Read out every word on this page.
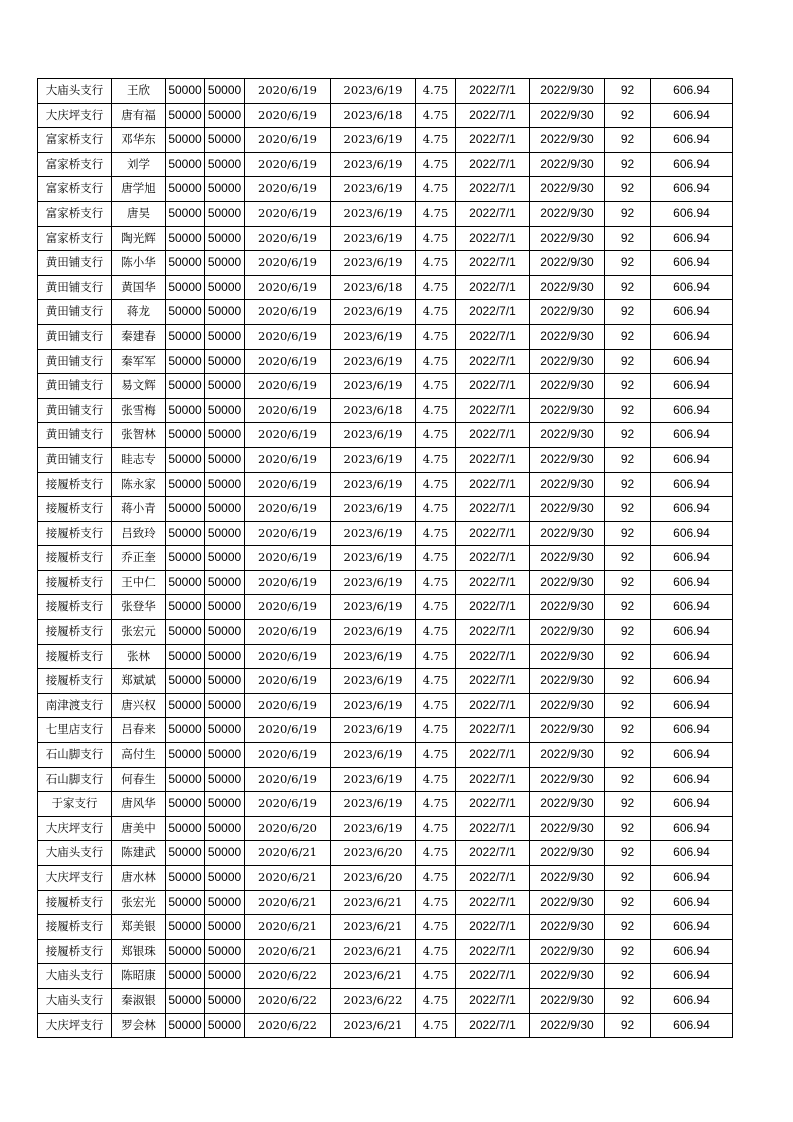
大庙头支行	王欣	50000	50000	2020/6/19	2023/6/19	4.75	2022/7/1	2022/9/30	92	606.94
大庆坪支行	唐有福	50000	50000	2020/6/19	2023/6/18	4.75	2022/7/1	2022/9/30	92	606.94
富家桥支行	邓华东	50000	50000	2020/6/19	2023/6/19	4.75	2022/7/1	2022/9/30	92	606.94
富家桥支行	刘学	50000	50000	2020/6/19	2023/6/19	4.75	2022/7/1	2022/9/30	92	606.94
富家桥支行	唐学旭	50000	50000	2020/6/19	2023/6/19	4.75	2022/7/1	2022/9/30	92	606.94
富家桥支行	唐昊	50000	50000	2020/6/19	2023/6/19	4.75	2022/7/1	2022/9/30	92	606.94
富家桥支行	陶光辉	50000	50000	2020/6/19	2023/6/19	4.75	2022/7/1	2022/9/30	92	606.94
黄田铺支行	陈小华	50000	50000	2020/6/19	2023/6/19	4.75	2022/7/1	2022/9/30	92	606.94
黄田铺支行	黄国华	50000	50000	2020/6/19	2023/6/18	4.75	2022/7/1	2022/9/30	92	606.94
黄田铺支行	蒋龙	50000	50000	2020/6/19	2023/6/19	4.75	2022/7/1	2022/9/30	92	606.94
黄田铺支行	秦建春	50000	50000	2020/6/19	2023/6/19	4.75	2022/7/1	2022/9/30	92	606.94
黄田铺支行	秦军军	50000	50000	2020/6/19	2023/6/19	4.75	2022/7/1	2022/9/30	92	606.94
黄田铺支行	易文辉	50000	50000	2020/6/19	2023/6/19	4.75	2022/7/1	2022/9/30	92	606.94
黄田铺支行	张雪梅	50000	50000	2020/6/19	2023/6/18	4.75	2022/7/1	2022/9/30	92	606.94
黄田铺支行	张智林	50000	50000	2020/6/19	2023/6/19	4.75	2022/7/1	2022/9/30	92	606.94
黄田铺支行	眭志专	50000	50000	2020/6/19	2023/6/19	4.75	2022/7/1	2022/9/30	92	606.94
接履桥支行	陈永家	50000	50000	2020/6/19	2023/6/19	4.75	2022/7/1	2022/9/30	92	606.94
接履桥支行	蒋小青	50000	50000	2020/6/19	2023/6/19	4.75	2022/7/1	2022/9/30	92	606.94
接履桥支行	吕致玲	50000	50000	2020/6/19	2023/6/19	4.75	2022/7/1	2022/9/30	92	606.94
接履桥支行	乔正奎	50000	50000	2020/6/19	2023/6/19	4.75	2022/7/1	2022/9/30	92	606.94
接履桥支行	王中仁	50000	50000	2020/6/19	2023/6/19	4.75	2022/7/1	2022/9/30	92	606.94
接履桥支行	张登华	50000	50000	2020/6/19	2023/6/19	4.75	2022/7/1	2022/9/30	92	606.94
接履桥支行	张宏元	50000	50000	2020/6/19	2023/6/19	4.75	2022/7/1	2022/9/30	92	606.94
接履桥支行	张林	50000	50000	2020/6/19	2023/6/19	4.75	2022/7/1	2022/9/30	92	606.94
接履桥支行	郑斌斌	50000	50000	2020/6/19	2023/6/19	4.75	2022/7/1	2022/9/30	92	606.94
南津渡支行	唐兴权	50000	50000	2020/6/19	2023/6/19	4.75	2022/7/1	2022/9/30	92	606.94
七里店支行	吕春来	50000	50000	2020/6/19	2023/6/19	4.75	2022/7/1	2022/9/30	92	606.94
石山脚支行	高付生	50000	50000	2020/6/19	2023/6/19	4.75	2022/7/1	2022/9/30	92	606.94
石山脚支行	何春生	50000	50000	2020/6/19	2023/6/19	4.75	2022/7/1	2022/9/30	92	606.94
于家支行	唐风华	50000	50000	2020/6/19	2023/6/19	4.75	2022/7/1	2022/9/30	92	606.94
大庆坪支行	唐美中	50000	50000	2020/6/20	2023/6/19	4.75	2022/7/1	2022/9/30	92	606.94
大庙头支行	陈建武	50000	50000	2020/6/21	2023/6/20	4.75	2022/7/1	2022/9/30	92	606.94
大庆坪支行	唐水林	50000	50000	2020/6/21	2023/6/20	4.75	2022/7/1	2022/9/30	92	606.94
接履桥支行	张宏光	50000	50000	2020/6/21	2023/6/21	4.75	2022/7/1	2022/9/30	92	606.94
接履桥支行	郑美银	50000	50000	2020/6/21	2023/6/21	4.75	2022/7/1	2022/9/30	92	606.94
接履桥支行	郑银珠	50000	50000	2020/6/21	2023/6/21	4.75	2022/7/1	2022/9/30	92	606.94
大庙头支行	陈昭康	50000	50000	2020/6/22	2023/6/21	4.75	2022/7/1	2022/9/30	92	606.94
大庙头支行	秦淑银	50000	50000	2020/6/22	2023/6/22	4.75	2022/7/1	2022/9/30	92	606.94
大庆坪支行	罗会林	50000	50000	2020/6/22	2023/6/21	4.75	2022/7/1	2022/9/30	92	606.94
